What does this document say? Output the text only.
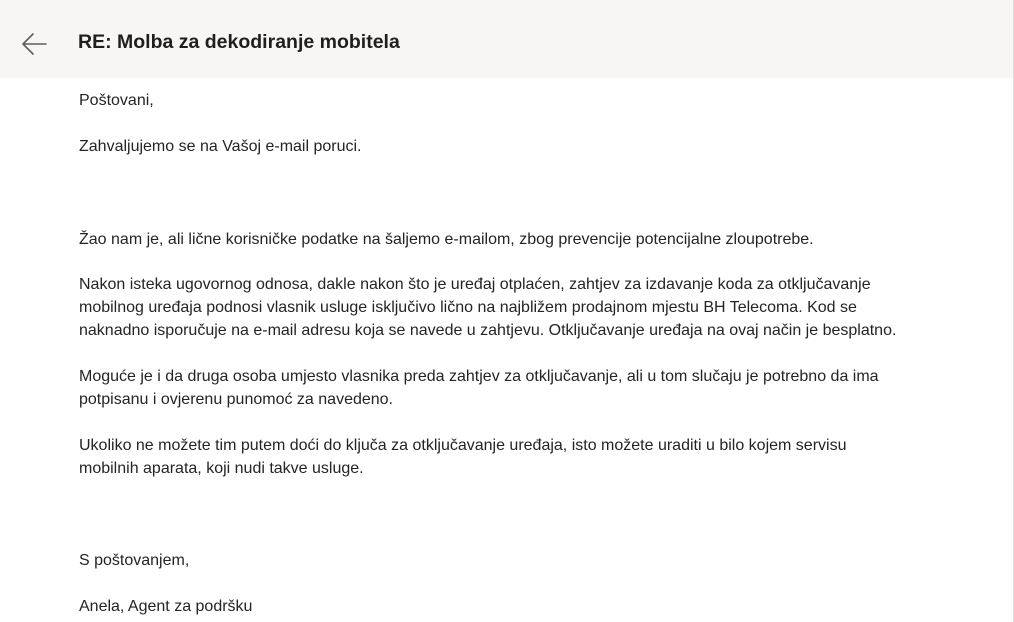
RE: Molba za dekodiranje mobitela
Poštovani,
Zahvaljujemo se na Vašoj e-mail poruci.
Žao nam je, ali lične korisničke podatke na šaljemo e-mailom, zbog prevencije potencijalne zloupotrebe.
Nakon isteka ugovornog odnosa, dakle nakon što je uređaj otplaćen, zahtjev za izdavanje koda za otključavanje
mobilnog uređaja podnosi vlasnik usluge isključivo lično na najbližem prodajnom mjestu BH Telecoma. Kod se
naknadno isporučuje na e-mail adresu koja se navede u zahtjevu. Otključavanje uređaja na ovaj način je besplatno.
Moguće je i da druga osoba umjesto vlasnika preda zahtjev za otključavanje, ali u tom slučaju je potrebno da ima
potpisanu i ovjerenu punomoć za navedeno.
Ukoliko ne možete tim putem doći do ključa za otključavanje uređaja, isto možete uraditi u bilo kojem servisu
mobilnih aparata, koji nudi takve usluge.
S poštovanjem,
Anela, Agent za podršku
